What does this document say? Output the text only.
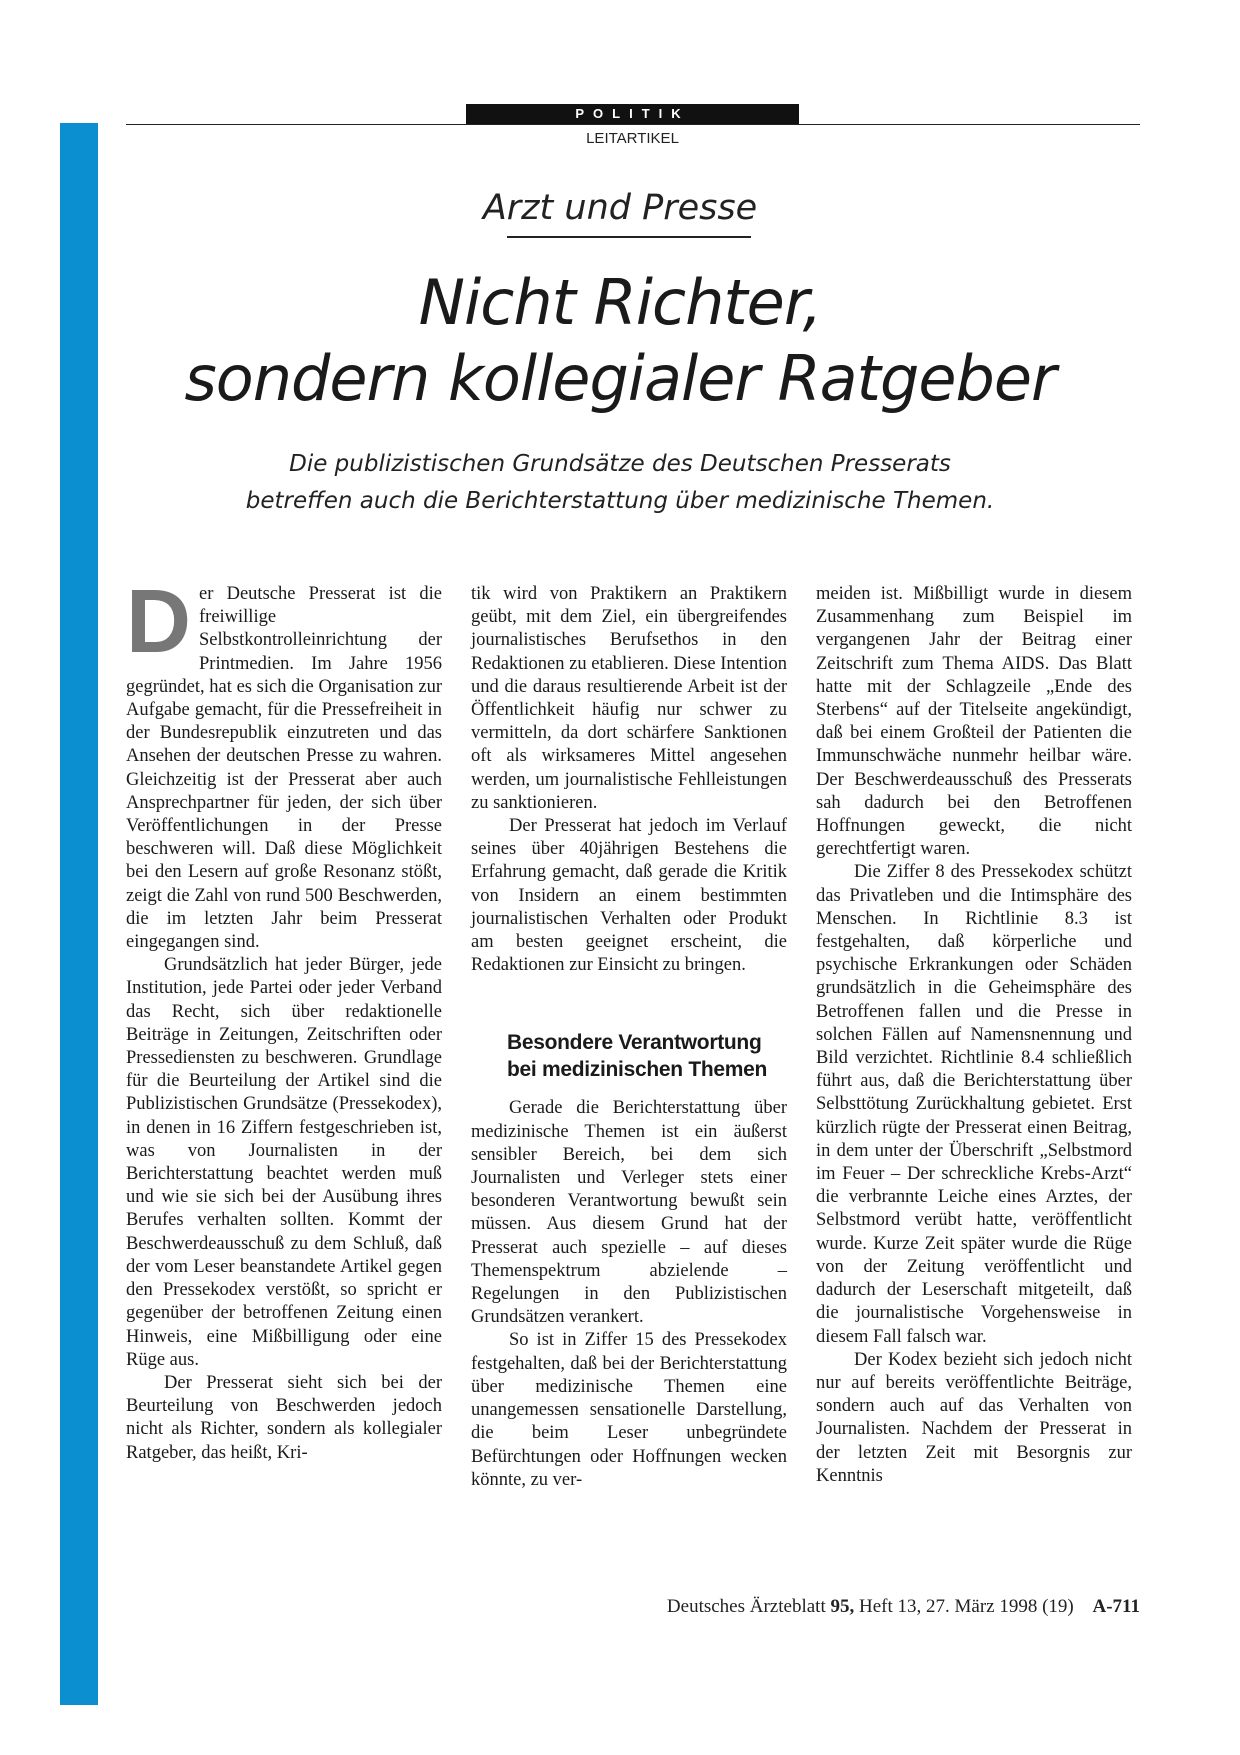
POLITIK
LEITARTIKEL
Arzt und Presse
Nicht Richter,
sondern kollegialer Ratgeber
Die publizistischen Grundsätze des Deutschen Presserats
betreffen auch die Berichterstattung über medizinische Themen.

Der Deutsche Presserat ist die freiwillige Selbstkontrolleinrichtung der Printmedien. Im Jahre 1956 gegründet, hat es sich die Organisation zur Aufgabe gemacht, für die Pressefreiheit in der Bundesrepublik einzutreten und das Ansehen der deutschen Presse zu wahren. Gleichzeitig ist der Presserat aber auch Ansprechpartner für jeden, der sich über Veröffentlichungen in der Presse beschweren will. Daß diese Möglichkeit bei den Lesern auf große Resonanz stößt, zeigt die Zahl von rund 500 Beschwerden, die im letzten Jahr beim Presserat eingegangen sind.

Grundsätzlich hat jeder Bürger, jede Institution, jede Partei oder jeder Verband das Recht, sich über redaktionelle Beiträge in Zeitungen, Zeitschriften oder Pressediensten zu beschweren. Grundlage für die Beurteilung der Artikel sind die Publizistischen Grundsätze (Pressekodex), in denen in 16 Ziffern festgeschrieben ist, was von Journalisten in der Berichterstattung beachtet werden muß und wie sie sich bei der Ausübung ihres Berufes verhalten sollten. Kommt der Beschwerdeausschuß zu dem Schluß, daß der vom Leser beanstandete Artikel gegen den Pressekodex verstößt, so spricht er gegenüber der betroffenen Zeitung einen Hinweis, eine Mißbilligung oder eine Rüge aus.

Der Presserat sieht sich bei der Beurteilung von Beschwerden jedoch nicht als Richter, sondern als kollegialer Ratgeber, das heißt, Kri-

tik wird von Praktikern an Praktikern geübt, mit dem Ziel, ein übergreifendes journalistisches Berufsethos in den Redaktionen zu etablieren. Diese Intention und die daraus resultierende Arbeit ist der Öffentlichkeit häufig nur schwer zu vermitteln, da dort schärfere Sanktionen oft als wirksameres Mittel angesehen werden, um journalistische Fehlleistungen zu sanktionieren.

Der Presserat hat jedoch im Verlauf seines über 40jährigen Bestehens die Erfahrung gemacht, daß gerade die Kritik von Insidern an einem bestimmten journalistischen Verhalten oder Produkt am besten geeignet erscheint, die Redaktionen zur Einsicht zu bringen.

Besondere Verantwortung
bei medizinischen Themen

Gerade die Berichterstattung über medizinische Themen ist ein äußerst sensibler Bereich, bei dem sich Journalisten und Verleger stets einer besonderen Verantwortung bewußt sein müssen. Aus diesem Grund hat der Presserat auch spezielle – auf dieses Themenspektrum abzielende – Regelungen in den Publizistischen Grundsätzen verankert.

So ist in Ziffer 15 des Pressekodex festgehalten, daß bei der Berichterstattung über medizinische Themen eine unangemessen sensationelle Darstellung, die beim Leser unbegründete Befürchtungen oder Hoffnungen wecken könnte, zu ver-

meiden ist. Mißbilligt wurde in diesem Zusammenhang zum Beispiel im vergangenen Jahr der Beitrag einer Zeitschrift zum Thema AIDS. Das Blatt hatte mit der Schlagzeile „Ende des Sterbens“ auf der Titelseite angekündigt, daß bei einem Großteil der Patienten die Immunschwäche nunmehr heilbar wäre. Der Beschwerdeausschuß des Presserats sah dadurch bei den Betroffenen Hoffnungen geweckt, die nicht gerechtfertigt waren.

Die Ziffer 8 des Pressekodex schützt das Privatleben und die Intimsphäre des Menschen. In Richtlinie 8.3 ist festgehalten, daß körperliche und psychische Erkrankungen oder Schäden grundsätzlich in die Geheimsphäre des Betroffenen fallen und die Presse in solchen Fällen auf Namensnennung und Bild verzichtet. Richtlinie 8.4 schließlich führt aus, daß die Berichterstattung über Selbsttötung Zurückhaltung gebietet. Erst kürzlich rügte der Presserat einen Beitrag, in dem unter der Überschrift „Selbstmord im Feuer – Der schreckliche Krebs-Arzt“ die verbrannte Leiche eines Arztes, der Selbstmord verübt hatte, veröffentlicht wurde. Kurze Zeit später wurde die Rüge von der Zeitung veröffentlicht und dadurch der Leserschaft mitgeteilt, daß die journalistische Vorgehensweise in diesem Fall falsch war.

Der Kodex bezieht sich jedoch nicht nur auf bereits veröffentlichte Beiträge, sondern auch auf das Verhalten von Journalisten. Nachdem der Presserat in der letzten Zeit mit Besorgnis zur Kenntnis

Deutsches Ärzteblatt 95, Heft 13, 27. März 1998 (19) A-711
